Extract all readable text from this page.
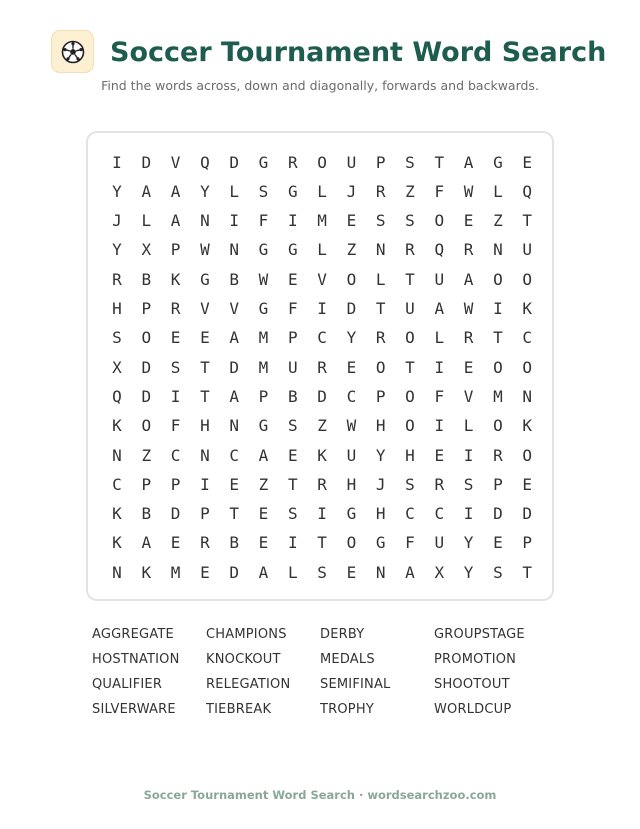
Soccer Tournament Word Search
Find the words across, down and diagonally, forwards and backwards.
I	D	V	Q	D	G	R	O	U	P	S	T	A	G	E
Y	A	A	Y	L	S	G	L	J	R	Z	F	W	L	Q
J	L	A	N	I	F	I	M	E	S	S	O	E	Z	T
Y	X	P	W	N	G	G	L	Z	N	R	Q	R	N	U
R	B	K	G	B	W	E	V	O	L	T	U	A	O	O
H	P	R	V	V	G	F	I	D	T	U	A	W	I	K
S	O	E	E	A	M	P	C	Y	R	O	L	R	T	C
X	D	S	T	D	M	U	R	E	O	T	I	E	O	O
Q	D	I	T	A	P	B	D	C	P	O	F	V	M	N
K	O	F	H	N	G	S	Z	W	H	O	I	L	O	K
N	Z	C	N	C	A	E	K	U	Y	H	E	I	R	O
C	P	P	I	E	Z	T	R	H	J	S	R	S	P	E
K	B	D	P	T	E	S	I	G	H	C	C	I	D	D
K	A	E	R	B	E	I	T	O	G	F	U	Y	E	P
N	K	M	E	D	A	L	S	E	N	A	X	Y	S	T
AGGREGATE	CHAMPIONS	DERBY	GROUPSTAGE
HOSTNATION	KNOCKOUT	MEDALS	PROMOTION
QUALIFIER	RELEGATION	SEMIFINAL	SHOOTOUT
SILVERWARE	TIEBREAK	TROPHY	WORLDCUP
Soccer Tournament Word Search · wordsearchzoo.com
